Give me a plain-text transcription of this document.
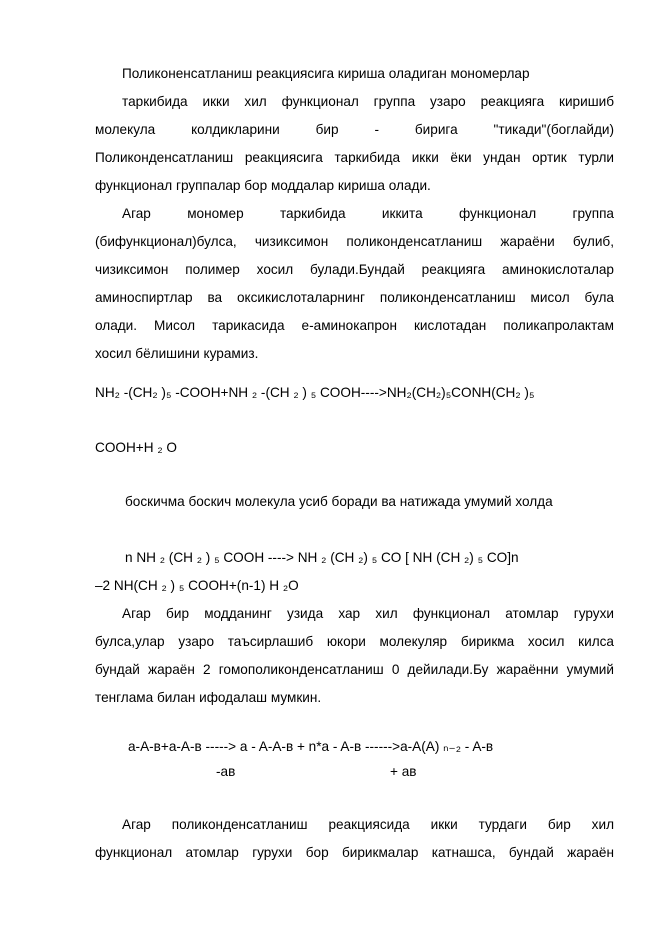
Поликоненсатланиш реакциясига кириша оладиган мономерлар
таркибида икки хил функционал группа узаро реакцияга киришиб
молекула колдикларини бир - бирига "тикади"(боглайди)
Поликонденсатланиш реакциясига таркибида икки ёки ундан ортик турли
функционал группалар бор моддалар кириша олади.
Агар мономер таркибида иккита функционал группа
(бифункционал)булса, чизиксимон поликонденсатланиш жараёни булиб,
чизиксимон полимер хосил булади.Бундай реакцияга аминокислоталар
аминоспиртлар ва оксикислоталарнинг поликонденсатланиш мисол була
олади. Мисол тарикасида е-аминокапрон кислотадан поликапролактам
хосил бёлишини курамиз.
NH₂ -(CH₂ )₅ -COOH+NH ₂ -(CH ₂ ) ₅ COOH---->NH₂(CH₂)₅CONH(CH₂ )₅
COOH+H ₂ O
боскичма боскич молекула усиб боради ва натижада умумий холда
n NH ₂ (CH ₂ ) ₅ COOH ----> NH ₂ (CH ₂) ₅ CO [ NH (CH ₂) ₅ CO]n
–2 NH(CH ₂ ) ₅ COOH+(n-1) H ₂O
Агар бир модданинг узида хар хил функционал атомлар гурухи
булса,улар узаро таъсирлашиб юкори молекуляр бирикма хосил килса
бундай жараён 2 гомополиконденсатланиш 0 дейилади.Бу жараённи умумий
тенглама билан ифодалаш мумкин.
a-A-в+a-A-в -----> a - A-A-в + n*a - A-в ------>a-A(A) ₙ₋₂ - A-в
-aв	+ aв
Агар поликонденсатланиш реакциясида икки турдаги бир хил
функционал атомлар гурухи бор бирикмалар катнашса, бундай жараён
